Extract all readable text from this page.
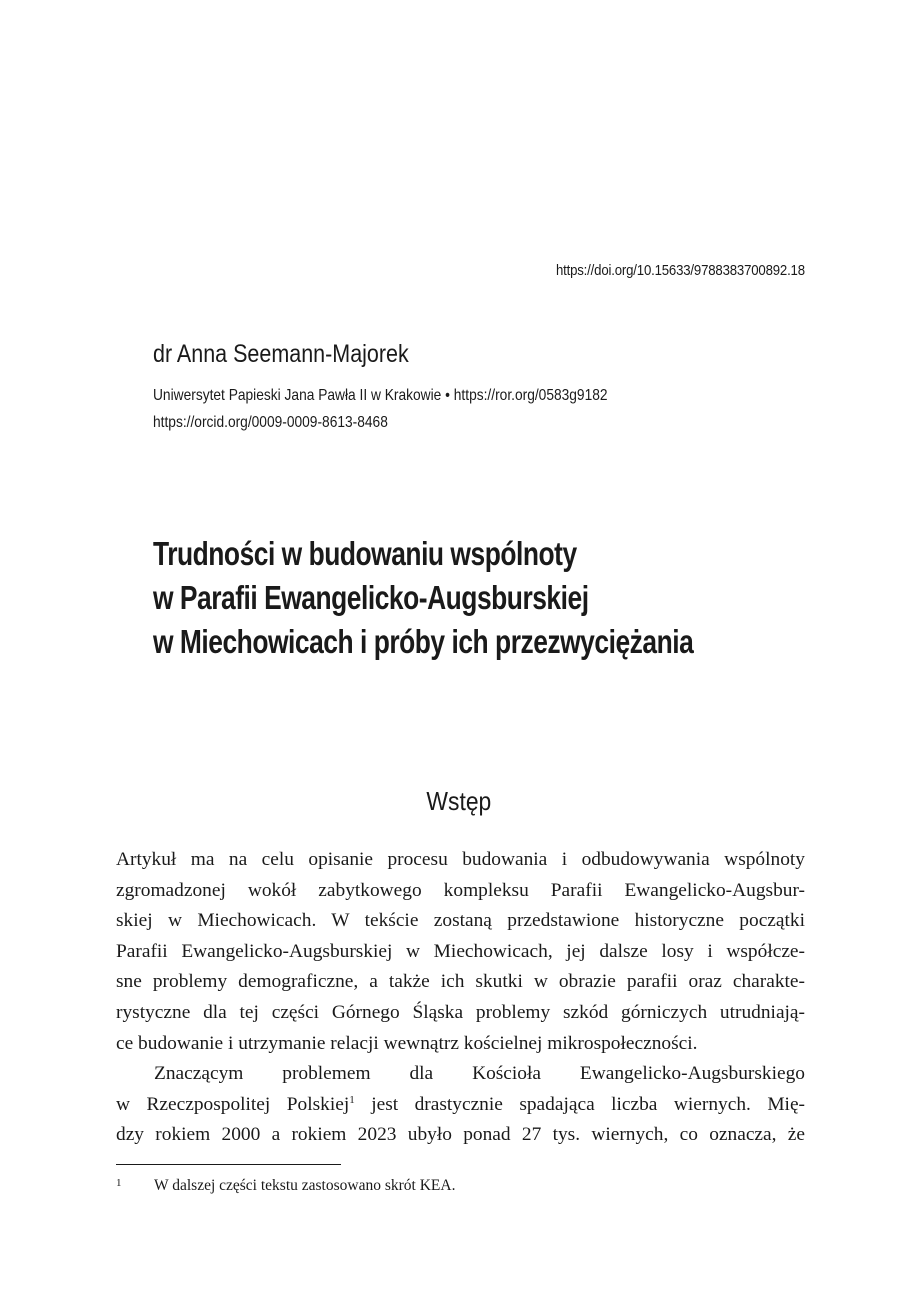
https://doi.org/10.15633/9788383700892.18
dr Anna Seemann-Majorek
Uniwersytet Papieski Jana Pawła II w Krakowie • https://ror.org/0583g9182
https://orcid.org/0009-0009-8613-8468
Trudności w budowaniu wspólnoty
w Parafii Ewangelicko-Augsburskiej
w Miechowicach i próby ich przezwyciężania
Wstęp
Artykuł ma na celu opisanie procesu budowania i odbudowywania wspólnoty
zgromadzonej wokół zabytkowego kompleksu Parafii Ewangelicko-Augsbur-
skiej w Miechowicach. W tekście zostaną przedstawione historyczne początki
Parafii Ewangelicko-Augsburskiej w Miechowicach, jej dalsze losy i współcze-
sne problemy demograficzne, a także ich skutki w obrazie parafii oraz charakte-
rystyczne dla tej części Górnego Śląska problemy szkód górniczych utrudniają-
ce budowanie i utrzymanie relacji wewnątrz kościelnej mikrospołeczności.
Znaczącym problemem dla Kościoła Ewangelicko-Augsburskiego
w Rzeczpospolitej Polskiej$^1$ jest drastycznie spadająca liczba wiernych. Mię-
dzy rokiem 2000 a rokiem 2023 ubyło ponad 27 tys. wiernych, co oznacza, że
1 W dalszej części tekstu zastosowano skrót KEA.
